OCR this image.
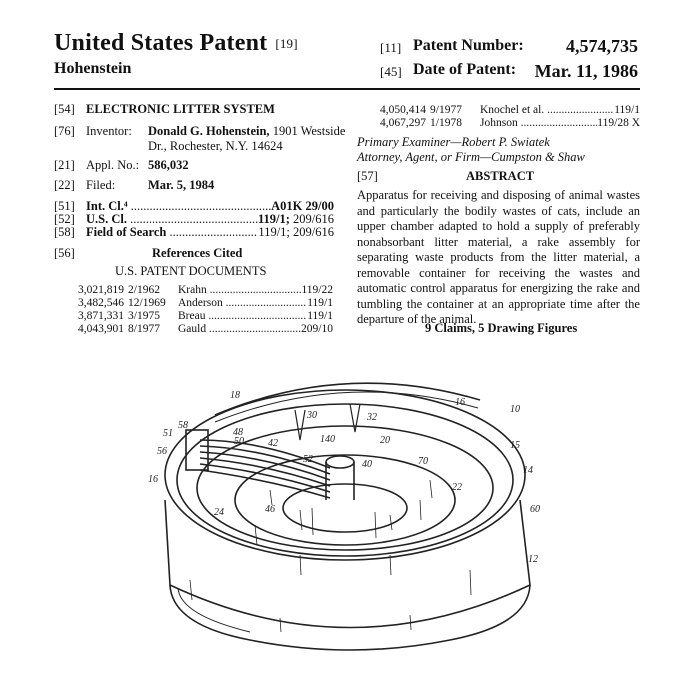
United States Patent [19]
Hohenstein
[11] Patent Number: 4,574,735
[45] Date of Patent: Mar. 11, 1986
[54] ELECTRONIC LITTER SYSTEM
[76] Inventor:	Donald G. Hohenstein, 1901 Westside
Dr., Rochester, N.Y. 14624
[21] Appl. No.: 586,032
[22] Filed:	Mar. 5, 1984
[51] Int. Cl.⁴ .....	A01K 29/00
[52] U.S. Cl. .....	119/1; 209/616
[58] Field of Search .....	119/1; 209/616
[56]	References Cited
U.S. PATENT DOCUMENTS
3,021,819 2/1962	Krahn .....	119/22
3,482,546 12/1969	Anderson .....	119/1
3,871,331 3/1975	Breau .....	119/1
4,043,901 8/1977	Gauld .....	209/10
4,050,414 9/1977	Knochel et al. .....	119/1
4,067,297 1/1978	Johnson .....	119/28 X
Primary Examiner—Robert P. Swiatek
Attorney, Agent, or Firm—Cumpston & Shaw
[57]	ABSTRACT
Apparatus for receiving and disposing of animal wastes and particularly the bodily wastes of cats, include an upper chamber adapted to hold a supply of preferably nonabsorbant litter material, a rake assembly for separating waste products from the litter material, a removable container for receiving the wastes and automatic control apparatus for energizing the rake and tumbling the container at an appropriate time after the departure of the animal.
9 Claims, 5 Drawing Figures
18
30	32
16
10
51
58
48
50 42	140	20	15
56
52	40	70
14
16
22
60
24	46
12
